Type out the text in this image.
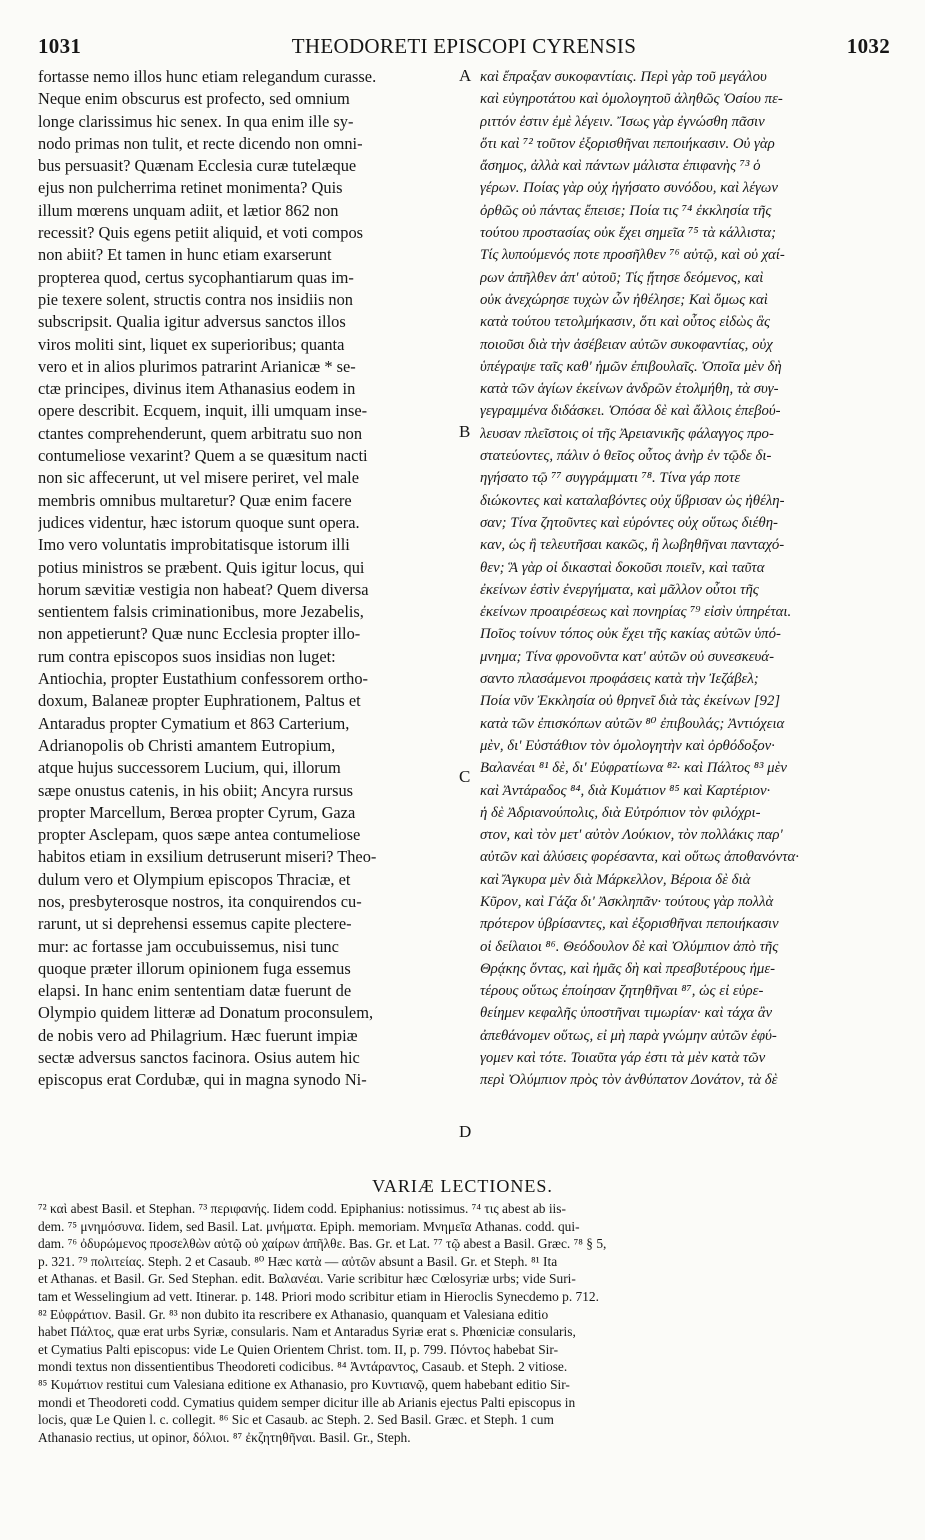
1031	THEODORETI EPISCOPI CYRENSIS	1032
fortasse nemo illos hunc etiam relegandum curasse.
Neque enim obscurus est profecto, sed omnium
longe clarissimus hic senex. In qua enim ille sy-
nodo primas non tulit, et recte dicendo non omni-
bus persuasit? Quænam Ecclesia curæ tutelæque
ejus non pulcherrima retinet monimenta? Quis
illum mœrens unquam adiit, et lætior 862 non
recessit? Quis egens petiit aliquid, et voti compos
non abiit? Et tamen in hunc etiam exarserunt
propterea quod, certus sycophantiarum quas im-
pie texere solent, structis contra nos insidiis non
subscripsit. Qualia igitur adversus sanctos illos
viros moliti sint, liquet ex superioribus; quanta
vero et in alios plurimos patrarint Arianicæ * se-
ctæ principes, divinus item Athanasius eodem in
opere describit. Ecquem, inquit, illi umquam inse-
ctantes comprehenderunt, quem arbitratu suo non
contumeliose vexarint? Quem a se quæsitum nacti
non sic affecerunt, ut vel misere periret, vel male
membris omnibus multaretur? Quæ enim facere
judices videntur, hæc istorum quoque sunt opera.
Imo vero voluntatis improbitatisque istorum illi
potius ministros se præbent. Quis igitur locus, qui
horum sævitiæ vestigia non habeat? Quem diversa
sentientem falsis criminationibus, more Jezabelis,
non appetierunt? Quæ nunc Ecclesia propter illo-
rum contra episcopos suos insidias non luget:
Antiochia, propter Eustathium confessorem ortho-
doxum, Balaneæ propter Euphrationem, Paltus et
Antaradus propter Cymatium et 863 Carterium,
Adrianopolis ob Christi amantem Eutropium,
atque hujus successorem Lucium, qui, illorum
sæpe onustus catenis, in his obiit; Ancyra rursus
propter Marcellum, Berœa propter Cyrum, Gaza
propter Asclepam, quos sæpe antea contumeliose
habitos etiam in exsilium detruserunt miseri? Theo-
dulum vero et Olympium episcopos Thraciæ, et
nos, presbyterosque nostros, ita conquirendos cu-
rarunt, ut si deprehensi essemus capite plectere-
mur: ac fortasse jam occubuissemus, nisi tunc
quoque præter illorum opinionem fuga essemus
elapsi. In hanc enim sententiam datæ fuerunt de
Olympio quidem litteræ ad Donatum proconsulem,
de nobis vero ad Philagrium. Hæc fuerunt impiæ
sectæ adversus sanctos facinora. Osius autem hic
episcopus erat Cordubæ, qui in magna synodo Ni-
A
B
C
D
καὶ ἔπραξαν συκοφαντίαις. Περὶ γὰρ τοῦ μεγάλου
καὶ εὐγηροτάτου καὶ ὁμολογητοῦ ἀληθῶς Ὁσίου πε-
ριττόν ἐστιν ἐμὲ λέγειν. Ἴσως γὰρ ἐγνώσθη πᾶσιν
ὅτι καὶ ⁷² τοῦτον ἐξορισθῆναι πεποιήκασιν. Οὐ γὰρ
ἄσημος, ἀλλὰ καὶ πάντων μάλιστα ἐπιφανὴς ⁷³ ὁ
γέρων. Ποίας γὰρ οὐχ ἡγήσατο συνόδου, καὶ λέγων
ὀρθῶς οὐ πάντας ἔπεισε; Ποία τις ⁷⁴ ἐκκλησία τῆς
τούτου προστασίας οὐκ ἔχει σημεῖα ⁷⁵ τὰ κάλλιστα;
Τίς λυπούμενός ποτε προσῆλθεν ⁷⁶ αὐτῷ, καὶ οὐ χαί-
ρων ἀπῆλθεν ἀπ' αὐτοῦ; Τίς ᾔτησε δεόμενος, καὶ
οὐκ ἀνεχώρησε τυχὼν ὧν ἠθέλησε; Καὶ ὅμως καὶ
κατὰ τούτου τετολμήκασιν, ὅτι καὶ οὗτος εἰδὼς ἃς
ποιοῦσι διὰ τὴν ἀσέβειαν αὐτῶν συκοφαντίας, οὐχ
ὑπέγραψε ταῖς καθ' ἡμῶν ἐπιβουλαῖς. Ὁποῖα μὲν δὴ
κατὰ τῶν ἁγίων ἐκείνων ἀνδρῶν ἐτολμήθη, τὰ συγ-
γεγραμμένα διδάσκει. Ὁπόσα δὲ καὶ ἄλλοις ἐπεβού-
λευσαν πλεῖστοις οἱ τῆς Ἀρειανικῆς φάλαγγος προ-
στατεύοντες, πάλιν ὁ θεῖος οὗτος ἀνὴρ ἐν τῷδε δι-
ηγήσατο τῷ ⁷⁷ συγγράμματι ⁷⁸. Τίνα γάρ ποτε
διώκοντες καὶ καταλαβόντες οὐχ ὕβρισαν ὡς ἠθέλη-
σαν; Τίνα ζητοῦντες καὶ εὑρόντες οὐχ οὕτως διέθη-
καν, ὡς ἢ τελευτῆσαι κακῶς, ἢ λωβηθῆναι πανταχό-
θεν; Ἃ γὰρ οἱ δικασταὶ δοκοῦσι ποιεῖν, καὶ ταῦτα
ἐκείνων ἐστὶν ἐνεργήματα, καὶ μᾶλλον οὗτοι τῆς
ἐκείνων προαιρέσεως καὶ πονηρίας ⁷⁹ εἰσὶν ὑπηρέται.
Ποῖος τοίνυν τόπος οὐκ ἔχει τῆς κακίας αὐτῶν ὑπό-
μνημα; Τίνα φρονοῦντα κατ' αὐτῶν οὐ συνεσκευά-
σαντο πλασάμενοι προφάσεις κατὰ τὴν Ἰεζάβελ;
Ποία νῦν Ἐκκλησία οὐ θρηνεῖ διὰ τὰς ἐκείνων [92]
κατὰ τῶν ἐπισκόπων αὐτῶν ⁸⁰ ἐπιβουλάς; Ἀντιόχεια
μὲν, δι' Εὐστάθιον τὸν ὁμολογητὴν καὶ ὀρθόδοξον·
Βαλανέαι ⁸¹ δὲ, δι' Εὐφρατίωνα ⁸²· καὶ Πάλτος ⁸³ μὲν
καὶ Ἀντάραδος ⁸⁴, διὰ Κυμάτιον ⁸⁵ καὶ Καρτέριον·
ἡ δὲ Ἀδριανούπολις, διὰ Εὐτρόπιον τὸν φιλόχρι-
στον, καὶ τὸν μετ' αὐτὸν Λούκιον, τὸν πολλάκις παρ'
αὐτῶν καὶ ἁλύσεις φορέσαντα, καὶ οὕτως ἀποθανόντα·
καὶ Ἄγκυρα μὲν διὰ Μάρκελλον, Βέροια δὲ διὰ
Κῦρον, καὶ Γάζα δι' Ἀσκληπᾶν· τούτους γὰρ πολλὰ
πρότερον ὑβρίσαντες, καὶ ἐξορισθῆναι πεποιήκασιν
οἱ δείλαιοι ⁸⁶. Θεόδουλον δὲ καὶ Ὀλύμπιον ἀπὸ τῆς
Θρᾴκης ὄντας, καὶ ἡμᾶς δὴ καὶ πρεσβυτέρους ἡμε-
τέρους οὕτως ἐποίησαν ζητηθῆναι ⁸⁷, ὡς εἰ εὑρε-
θείημεν κεφαλῆς ὑποστῆναι τιμωρίαν· καὶ τάχα ἂν
ἀπεθάνομεν οὕτως, εἰ μὴ παρὰ γνώμην αὐτῶν ἐφύ-
γομεν καὶ τότε. Τοιαῦτα γάρ ἐστι τὰ μὲν κατὰ τῶν
περὶ Ὀλύμπιον πρὸς τὸν ἀνθύπατον Δονάτον, τὰ δὲ
VARIÆ LECTIONES.
⁷² καὶ abest Basil. et Stephan. ⁷³ περιφανής. Iidem codd. Epiphanius: notissimus. ⁷⁴ τις abest ab iis-
dem. ⁷⁵ μνημόσυνα. Iidem, sed Basil. Lat. μνήματα. Epiph. memoriam. Μνημεῖα Athanas. codd. qui-
dam. ⁷⁶ ὀδυρώμενος προσελθὼν αὐτῷ οὐ χαίρων ἀπῆλθε. Bas. Gr. et Lat. ⁷⁷ τῷ abest a Basil. Græc. ⁷⁸ § 5,
p. 321. ⁷⁹ πολιτείας. Steph. 2 et Casaub. ⁸⁰ Hæc κατὰ — αὐτῶν absunt a Basil. Gr. et Steph. ⁸¹ Ita
et Athanas. et Basil. Gr. Sed Stephan. edit. Βαλανέαι. Varie scribitur hæc Cœlosyriæ urbs; vide Suri-
tam et Wesselingium ad vett. Itinerar. p. 148. Priori modo scribitur etiam in Hieroclis Synecdemo p. 712.
⁸² Εὐφράτιον. Basil. Gr. ⁸³ non dubito ita rescribere ex Athanasio, quanquam et Valesiana editio
habet Πάλτος, quæ erat urbs Syriæ, consularis. Nam et Antaradus Syriæ erat s. Phœniciæ consularis,
et Cymatius Palti episcopus: vide Le Quien Orientem Christ. tom. II, p. 799. Πόντος habebat Sir-
mondi textus non dissentientibus Theodoreti codicibus. ⁸⁴ Ἀντάραντος, Casaub. et Steph. 2 vitiose.
⁸⁵ Κυμάτιον restitui cum Valesiana editione ex Athanasio, pro Κυντιανῷ, quem habebant editio Sir-
mondi et Theodoreti codd. Cymatius quidem semper dicitur ille ab Arianis ejectus Palti episcopus in
locis, quæ Le Quien l. c. collegit. ⁸⁶ Sic et Casaub. ac Steph. 2. Sed Basil. Græc. et Steph. 1 cum
Athanasio rectius, ut opinor, δόλιοι. ⁸⁷ ἐκζητηθῆναι. Basil. Gr., Steph.
